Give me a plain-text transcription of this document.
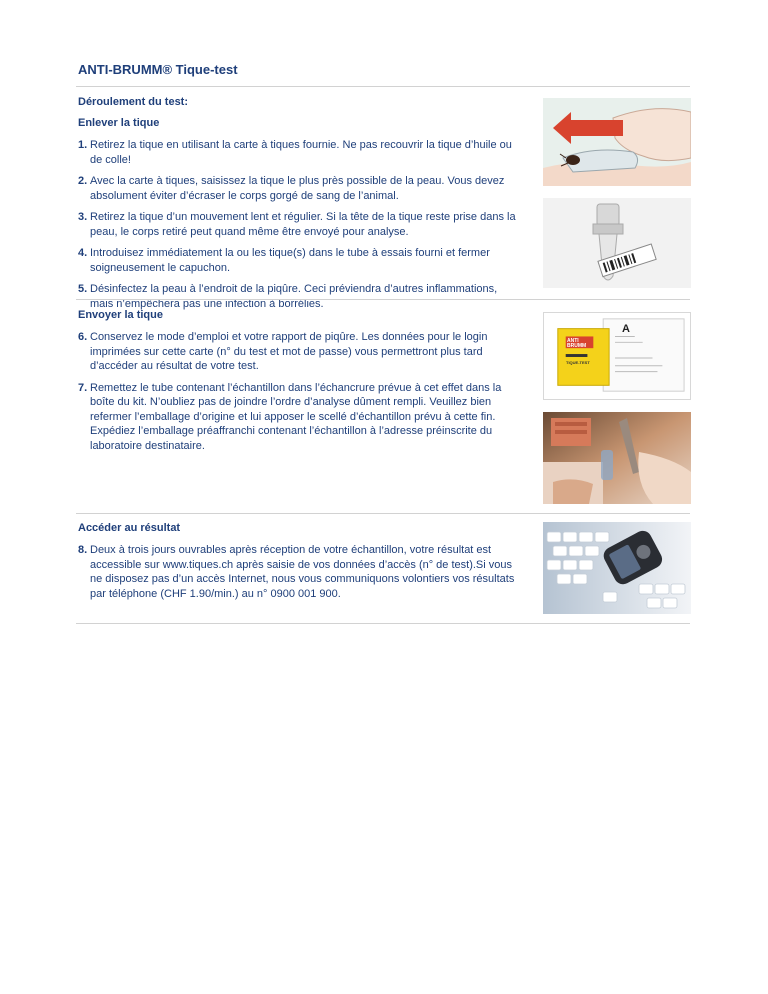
ANTI-BRUMM® Tique-test

Déroulement du test:

Enlever la tique

1. Retirez la tique en utilisant la carte à tiques fournie. Ne pas recouvrir la tique d’huile ou de colle!
2. Avec la carte à tiques, saisissez la tique le plus près possible de la peau. Vous devez absolument éviter d’écraser le corps gorgé de sang de l’animal.
3. Retirez la tique d’un mouvement lent et régulier. Si la tête de la tique reste prise dans la peau, le corps retiré peut quand même être envoyé pour analyse.
4. Introduisez immédiatement la ou les tique(s) dans le tube à essais fourni et fermer soigneusement le capuchon.
5. Désinfectez la peau à l’endroit de la piqûre. Ceci préviendra d’autres inflammations, mais n’empêchera pas une infection à borrélies.

Envoyer la tique

6. Conservez le mode d’emploi et votre rapport de piqûre. Les données pour le login imprimées sur cette carte (n° du test et mot de passe) vous permettront plus tard d’accéder au résultat de votre test.
7. Remettez le tube contenant l’échantillon dans l’échancrure prévue à cet effet dans la boîte du kit. N’oubliez pas de joindre l’ordre d’analyse dûment rempli. Veuillez bien refermer l’emballage d’origine et lui apposer le scellé d’échantillon prévu à cette fin. Expédiez l’emballage préaffranchi contenant l’échantillon à l’adresse préinscrite du laboratoire destinataire.
ANTI BRUMM
TIQUE-TEST
A

Accéder au résultat

8. Deux à trois jours ouvrables après réception de votre échantillon, votre résultat est accessible sur www.tiques.ch après saisie de vos données d’accès (n° de test).Si vous ne disposez pas d’un accès Internet, nous vous communiquons volontiers vos résultats par téléphone (CHF 1.90/min.) au n° 0900 001 900.
